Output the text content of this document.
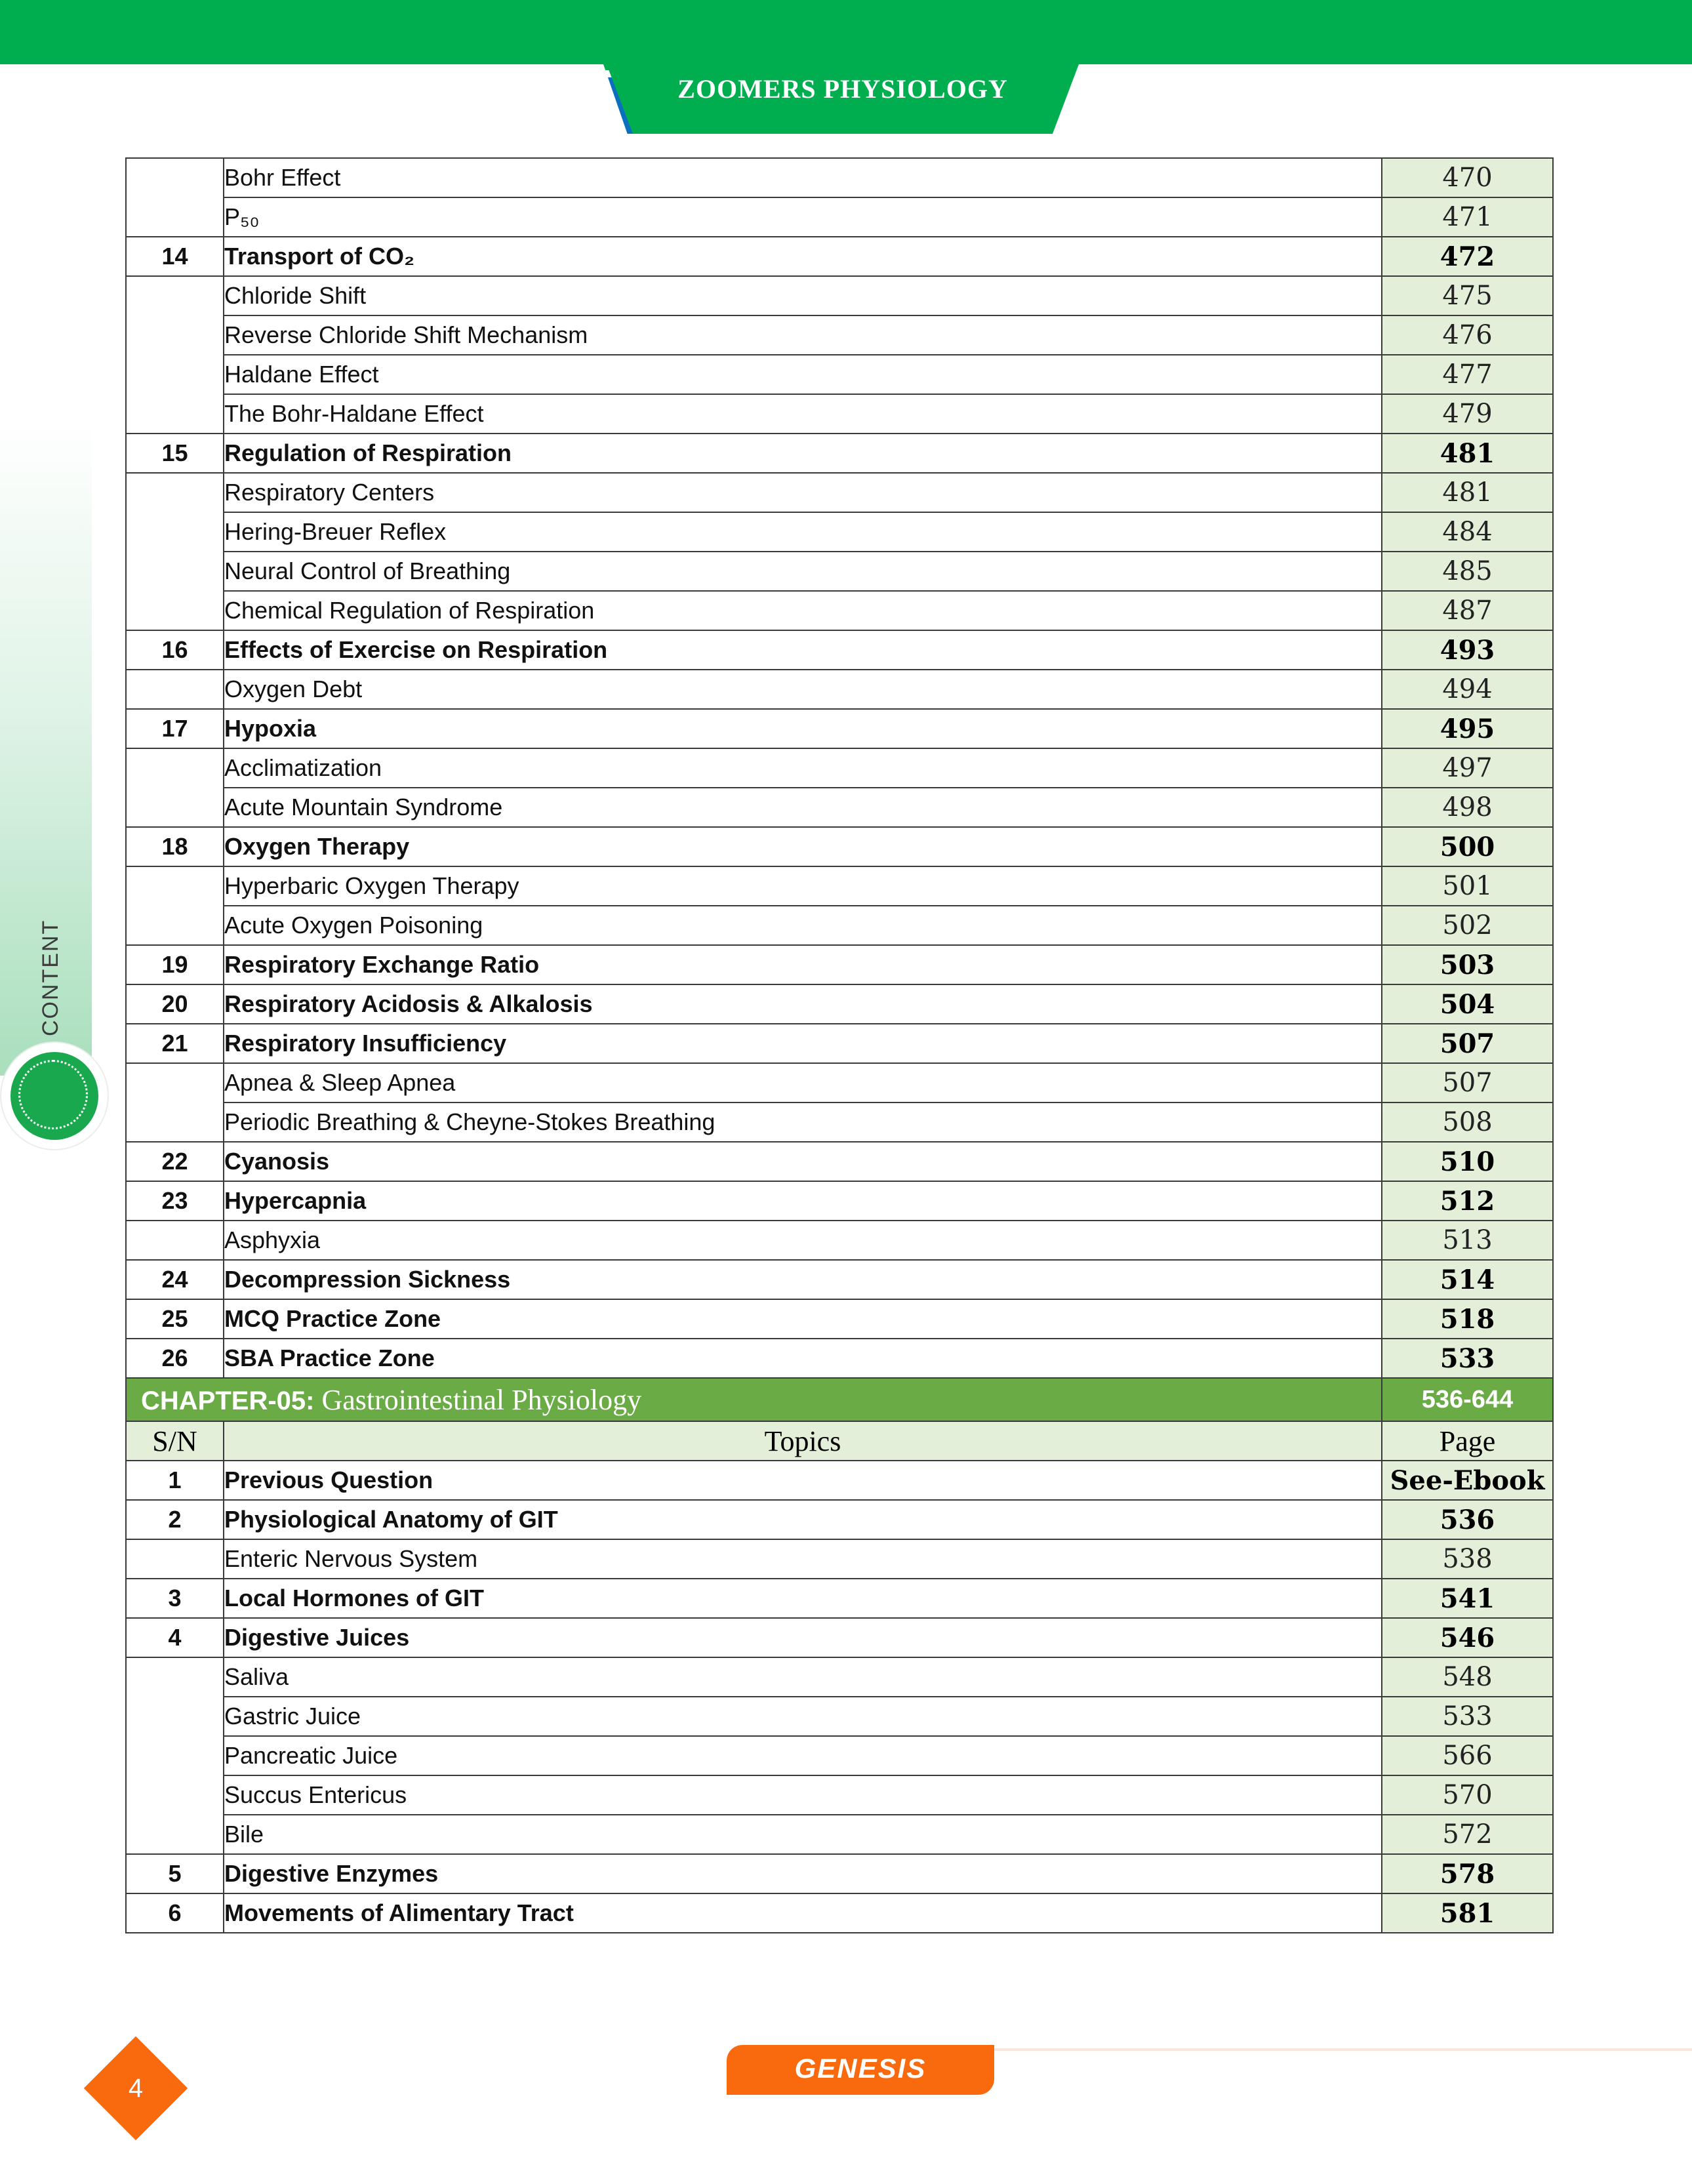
ZOOMERS PHYSIOLOGY
CONTENT
	Bohr Effect	470
	P₅₀	471
14	Transport of CO₂	472
	Chloride Shift	475
	Reverse Chloride Shift Mechanism	476
	Haldane Effect	477
	The Bohr-Haldane Effect	479
15	Regulation of Respiration	481
	Respiratory Centers	481
	Hering-Breuer Reflex	484
	Neural Control of Breathing	485
	Chemical Regulation of Respiration	487
16	Effects of Exercise on Respiration	493
	Oxygen Debt	494
17	Hypoxia	495
	Acclimatization	497
	Acute Mountain Syndrome	498
18	Oxygen Therapy	500
	Hyperbaric Oxygen Therapy	501
	Acute Oxygen Poisoning	502
19	Respiratory Exchange Ratio	503
20	Respiratory Acidosis & Alkalosis	504
21	Respiratory Insufficiency	507
	Apnea & Sleep Apnea	507
	Periodic Breathing & Cheyne-Stokes Breathing	508
22	Cyanosis	510
23	Hypercapnia	512
	Asphyxia	513
24	Decompression Sickness	514
25	MCQ Practice Zone	518
26	SBA Practice Zone	533
CHAPTER-05: Gastrointestinal Physiology		536-644
S/N	Topics	Page
1	Previous Question	See-Ebook
2	Physiological Anatomy of GIT	536
	Enteric Nervous System	538
3	Local Hormones of GIT	541
4	Digestive Juices	546
	Saliva	548
	Gastric Juice	533
	Pancreatic Juice	566
	Succus Entericus	570
	Bile	572
5	Digestive Enzymes	578
6	Movements of Alimentary Tract	581
GENESIS
4
